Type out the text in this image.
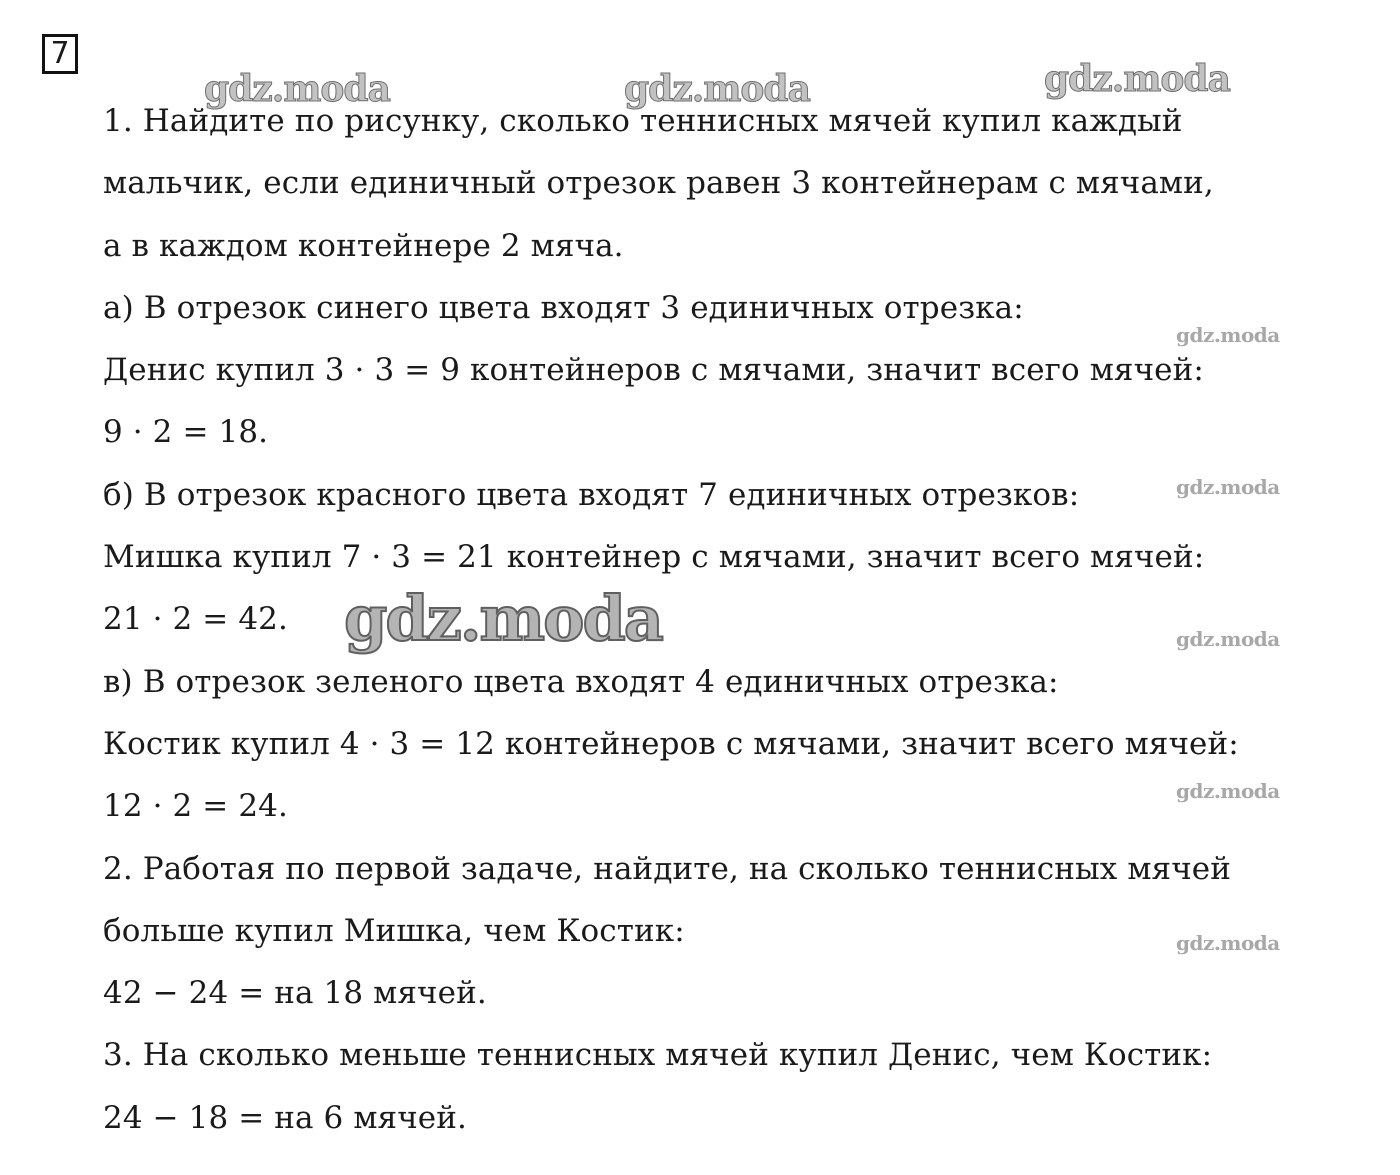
7
1. Найдите по рисунку, сколько теннисных мячей купил каждый
мальчик, если единичный отрезок равен 3 контейнерам с мячами,
а в каждом контейнере 2 мяча.
а) В отрезок синего цвета входят 3 единичных отрезка:
Денис купил 3 · 3 = 9 контейнеров с мячами, значит всего мячей:
9 · 2 = 18.
б) В отрезок красного цвета входят 7 единичных отрезков:
Мишка купил 7 · 3 = 21 контейнер с мячами, значит всего мячей:
21 · 2 = 42.
в) В отрезок зеленого цвета входят 4 единичных отрезка:
Костик купил 4 · 3 = 12 контейнеров с мячами, значит всего мячей:
12 · 2 = 24.
2. Работая по первой задаче, найдите, на сколько теннисных мячей
больше купил Мишка, чем Костик:
42 − 24 = на 18 мячей.
3. На сколько меньше теннисных мячей купил Денис, чем Костик:
24 − 18 = на 6 мячей.
gdz.moda	gdz.moda	gdz.moda
gdz.moda
gdz.moda
gdz.moda
gdz.moda
gdz.moda
gdz.moda
